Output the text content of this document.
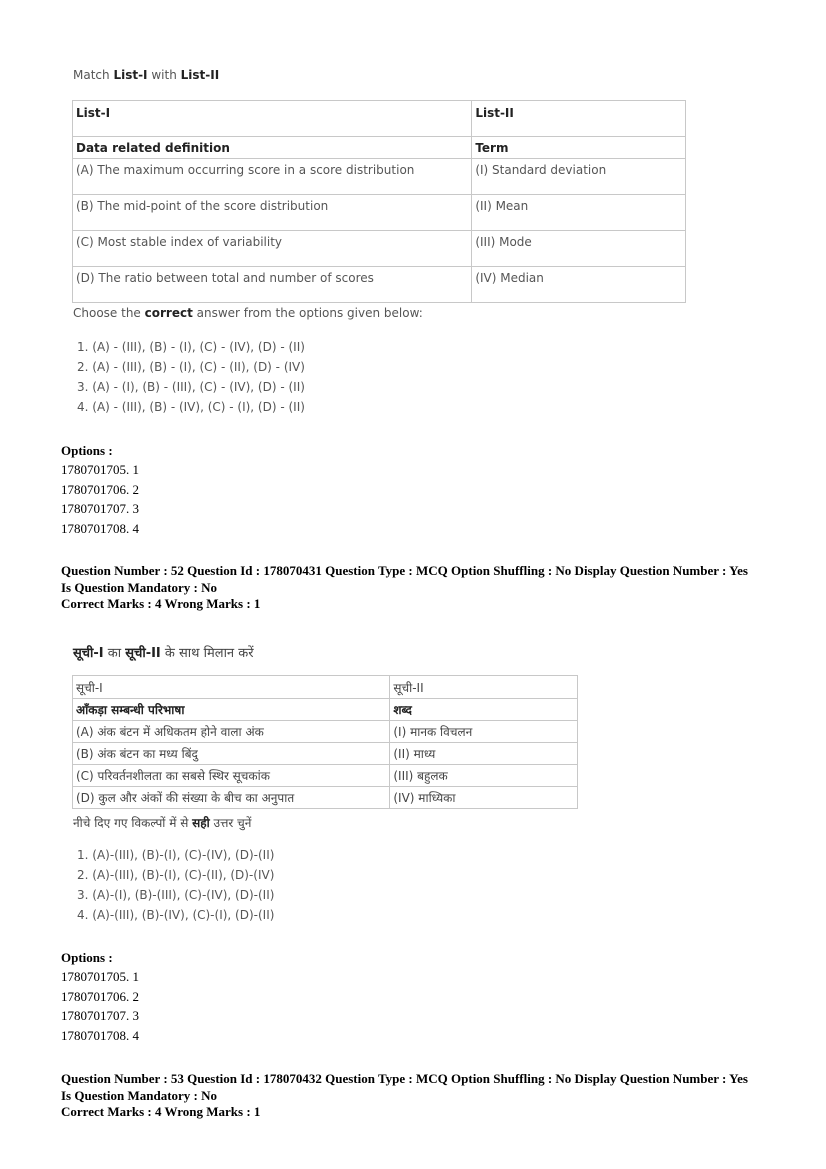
Match List-I with List-II
List-I	List-II
Data related definition	Term
(A) The maximum occurring score in a score distribution	(I) Standard deviation
(B) The mid-point of the score distribution	(II) Mean
(C) Most stable index of variability	(III) Mode
(D) The ratio between total and number of scores	(IV) Median
Choose the correct answer from the options given below:
1. (A) - (III), (B) - (I), (C) - (IV), (D) - (II)
2. (A) - (III), (B) - (I), (C) - (II), (D) - (IV)
3. (A) - (I), (B) - (III), (C) - (IV), (D) - (II)
4. (A) - (III), (B) - (IV), (C) - (I), (D) - (II)
Options :
1780701705. 1
1780701706. 2
1780701707. 3
1780701708. 4
Question Number : 52 Question Id : 178070431 Question Type : MCQ Option Shuffling : No Display Question Number : Yes
Is Question Mandatory : No
Correct Marks : 4 Wrong Marks : 1
सूची-I का सूची-II के साथ मिलान करें
सूची-I	सूची-II
आँकड़ा सम्बन्धी परिभाषा	शब्द
(A) अंक बंटन में अधिकतम होने वाला अंक	(I) मानक विचलन
(B) अंक बंटन का मध्य बिंदु	(II) माध्य
(C) परिवर्तनशीलता का सबसे स्थिर सूचकांक	(III) बहुलक
(D) कुल और अंकों की संख्या के बीच का अनुपात	(IV) माध्यिका
नीचे दिए गए विकल्पों में से सही उत्तर चुनें
1. (A)-(III), (B)-(I), (C)-(IV), (D)-(II)
2. (A)-(III), (B)-(I), (C)-(II), (D)-(IV)
3. (A)-(I), (B)-(III), (C)-(IV), (D)-(II)
4. (A)-(III), (B)-(IV), (C)-(I), (D)-(II)
Options :
1780701705. 1
1780701706. 2
1780701707. 3
1780701708. 4
Question Number : 53 Question Id : 178070432 Question Type : MCQ Option Shuffling : No Display Question Number : Yes
Is Question Mandatory : No
Correct Marks : 4 Wrong Marks : 1
